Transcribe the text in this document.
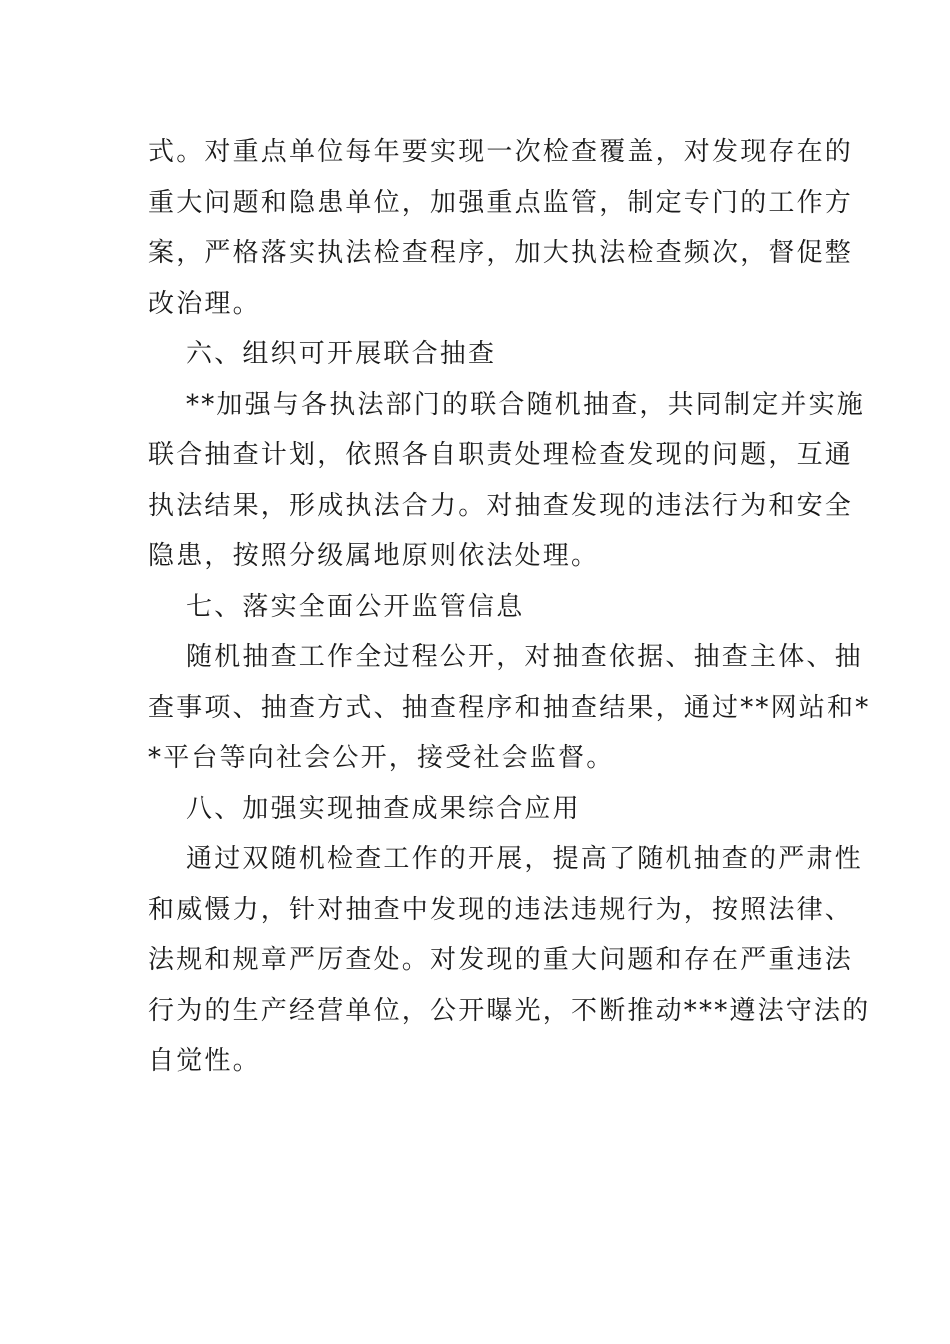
式。对重点单位每年要实现一次检查覆盖，对发现存在的
重大问题和隐患单位，加强重点监管，制定专门的工作方
案，严格落实执法检查程序，加大执法检查频次，督促整
改治理。
六、组织可开展联合抽查
**加强与各执法部门的联合随机抽查，共同制定并实施
联合抽查计划，依照各自职责处理检查发现的问题，互通
执法结果，形成执法合力。对抽查发现的违法行为和安全
隐患，按照分级属地原则依法处理。
七、落实全面公开监管信息
随机抽查工作全过程公开，对抽查依据、抽查主体、抽
查事项、抽查方式、抽查程序和抽查结果，通过**网站和*
*平台等向社会公开，接受社会监督。
八、加强实现抽查成果综合应用
通过双随机检查工作的开展，提高了随机抽查的严肃性
和威慑力，针对抽查中发现的违法违规行为，按照法律、
法规和规章严厉查处。对发现的重大问题和存在严重违法
行为的生产经营单位，公开曝光，不断推动***遵法守法的
自觉性。
